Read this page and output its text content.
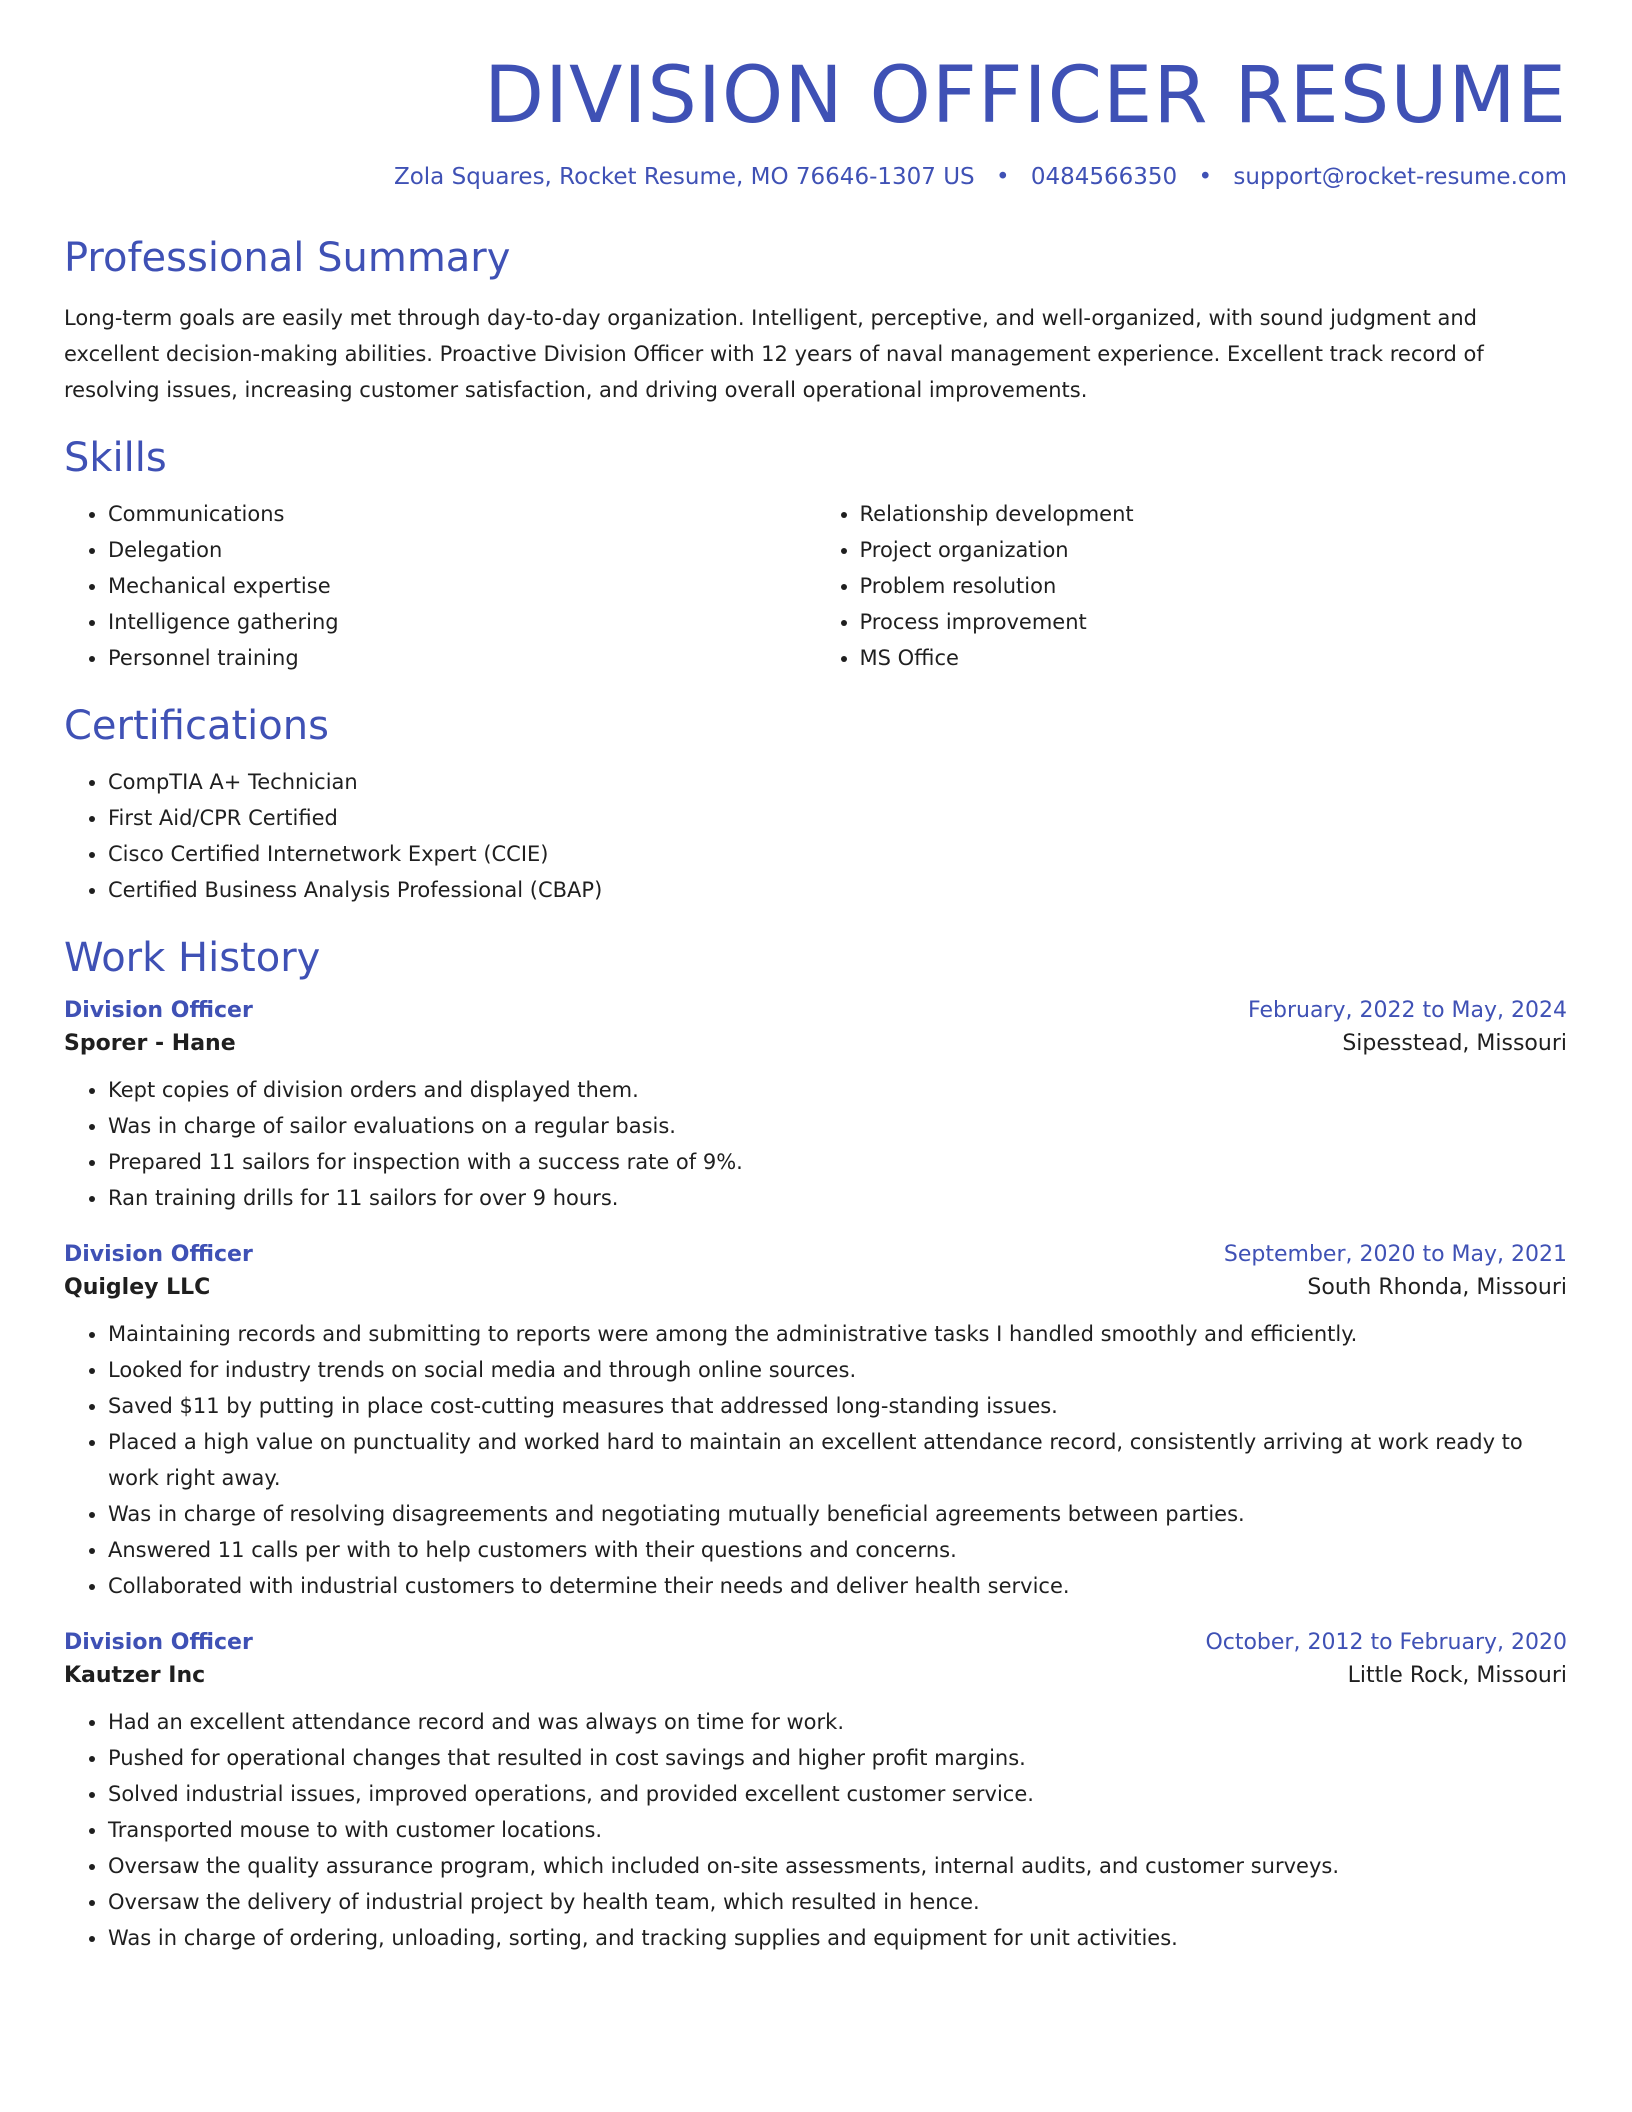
DIVISION OFFICER RESUME
Zola Squares, Rocket Resume, MO 76646-1307 US • 0484566350 • support@rocket-resume.com
Professional Summary

Long-term goals are easily met through day-to-day organization. Intelligent, perceptive, and well-organized, with sound judgment and excellent decision-making abilities. Proactive Division Officer with 12 years of naval management experience. Excellent track record of resolving issues, increasing customer satisfaction, and driving overall operational improvements.

Skills
• Communications
• Delegation
• Mechanical expertise
• Intelligence gathering
• Personnel training
• Relationship development
• Project organization
• Problem resolution
• Process improvement
• MS Office
Certifications
• CompTIA A+ Technician
• First Aid/CPR Certified
• Cisco Certified Internetwork Expert (CCIE)
• Certified Business Analysis Professional (CBAP)
Work History
Division Officer	February, 2022 to May, 2024
Sporer - Hane	Sipesstead, Missouri
• Kept copies of division orders and displayed them.
• Was in charge of sailor evaluations on a regular basis.
• Prepared 11 sailors for inspection with a success rate of 9%.
• Ran training drills for 11 sailors for over 9 hours.
Division Officer	September, 2020 to May, 2021
Quigley LLC	South Rhonda, Missouri
• Maintaining records and submitting to reports were among the administrative tasks I handled smoothly and efficiently.
• Looked for industry trends on social media and through online sources.
• Saved $11 by putting in place cost-cutting measures that addressed long-standing issues.
• Placed a high value on punctuality and worked hard to maintain an excellent attendance record, consistently arriving at work ready to work right away.
• Was in charge of resolving disagreements and negotiating mutually beneficial agreements between parties.
• Answered 11 calls per with to help customers with their questions and concerns.
• Collaborated with industrial customers to determine their needs and deliver health service.
Division Officer	October, 2012 to February, 2020
Kautzer Inc	Little Rock, Missouri
• Had an excellent attendance record and was always on time for work.
• Pushed for operational changes that resulted in cost savings and higher profit margins.
• Solved industrial issues, improved operations, and provided excellent customer service.
• Transported mouse to with customer locations.
• Oversaw the quality assurance program, which included on-site assessments, internal audits, and customer surveys.
• Oversaw the delivery of industrial project by health team, which resulted in hence.
• Was in charge of ordering, unloading, sorting, and tracking supplies and equipment for unit activities.
